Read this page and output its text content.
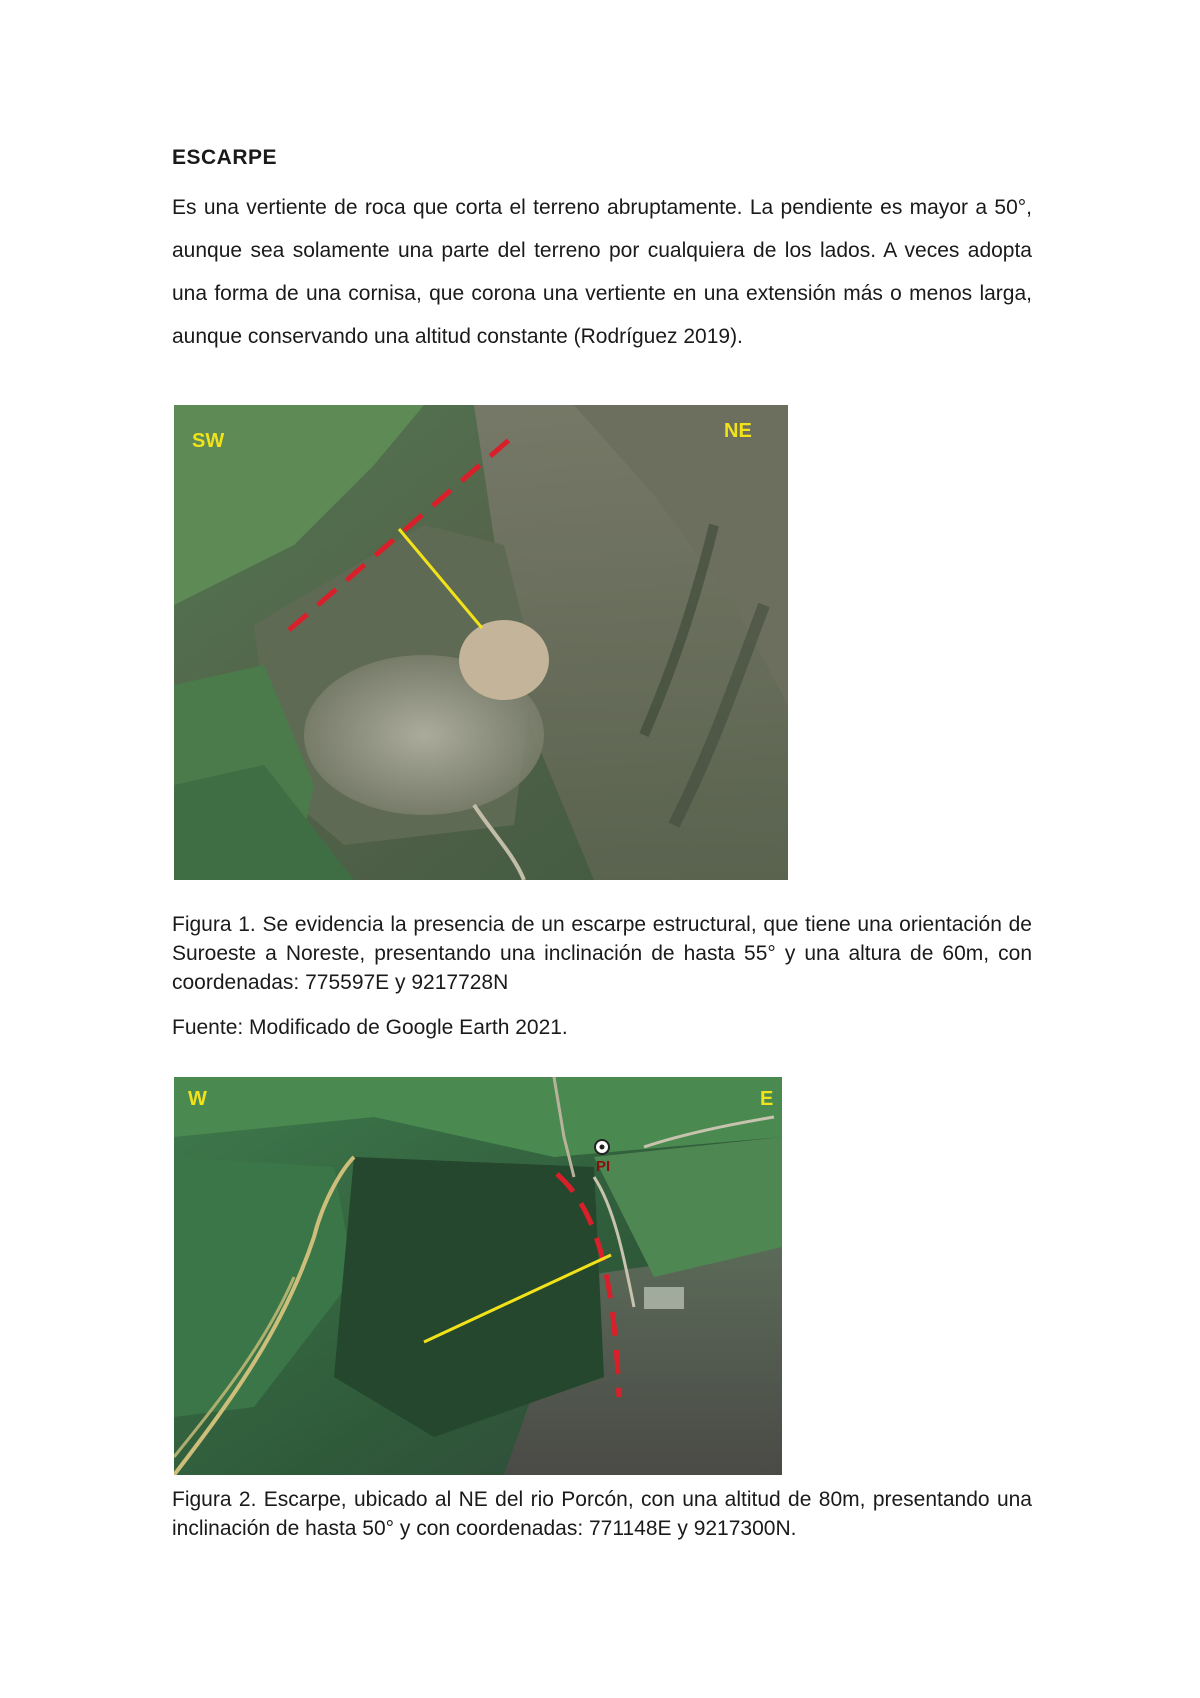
ESCARPE
Es una vertiente de roca que corta el terreno abruptamente. La pendiente es mayor a 50°, aunque sea solamente una parte del terreno por cualquiera de los lados. A veces adopta una forma de una cornisa, que corona una vertiente en una extensión más o menos larga, aunque conservando una altitud constante (Rodríguez 2019).
SW	NE
Figura 1. Se evidencia la presencia de un escarpe estructural, que tiene una orientación de Suroeste a Noreste, presentando una inclinación de hasta 55° y una altura de 60m, con coordenadas: 775597E y 9217728N
Fuente: Modificado de Google Earth 2021.
PI
W	E
Figura 2. Escarpe, ubicado al NE del rio Porcón, con una altitud de 80m, presentando una inclinación de hasta 50° y con coordenadas: 771148E y 9217300N.
